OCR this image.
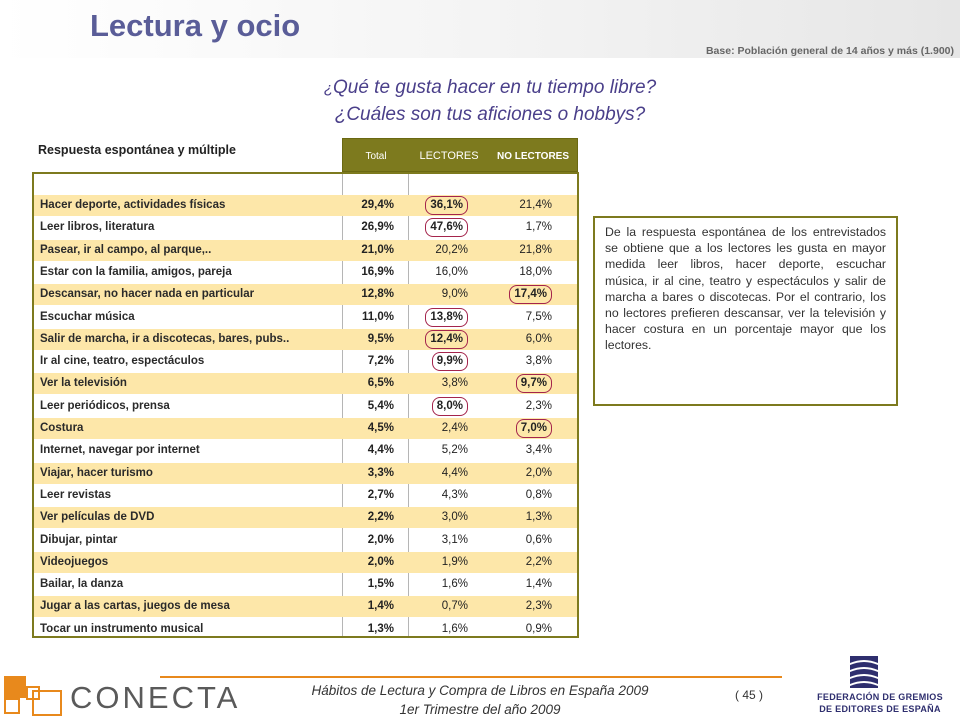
Lectura y ocio
Base: Población general de 14 años y más (1.900)
¿Qué te gusta hacer en tu tiempo libre?
¿Cuáles son tus aficiones o hobbys?
Respuesta espontánea y múltiple	Total	LECTORES	NO LECTORES
Hacer deporte, actividades físicas	29,4%	36,1%	21,4%
Leer libros, literatura	26,9%	47,6%	1,7%
Pasear, ir al campo, al parque,..	21,0%	20,2%	21,8%
Estar con la familia, amigos, pareja	16,9%	16,0%	18,0%
Descansar, no hacer nada en particular	12,8%	9,0%	17,4%
Escuchar música	11,0%	13,8%	7,5%
Salir de marcha, ir a discotecas, bares, pubs..	9,5%	12,4%	6,0%
Ir al cine, teatro, espectáculos	7,2%	9,9%	3,8%
Ver la televisión	6,5%	3,8%	9,7%
Leer periódicos, prensa	5,4%	8,0%	2,3%
Costura	4,5%	2,4%	7,0%
Internet, navegar por internet	4,4%	5,2%	3,4%
Viajar, hacer turismo	3,3%	4,4%	2,0%
Leer revistas	2,7%	4,3%	0,8%
Ver películas de DVD	2,2%	3,0%	1,3%
Dibujar, pintar	2,0%	3,1%	0,6%
Videojuegos	2,0%	1,9%	2,2%
Bailar, la danza	1,5%	1,6%	1,4%
Jugar a las cartas, juegos de mesa	1,4%	0,7%	2,3%
Tocar un instrumento musical	1,3%	1,6%	0,9%
De la respuesta espontánea de los entrevistados se obtiene que a los lectores les gusta en mayor medida leer libros, hacer deporte, escuchar música, ir al cine, teatro y espectáculos y salir de marcha a bares o discotecas. Por el contrario, los no lectores prefieren descansar, ver la televisión y hacer costura en un porcentaje mayor que los lectores.
CONECTA	Hábitos de Lectura y Compra de Libros en España 2009
1er Trimestre del año 2009
( 45 )	FEDERACIÓN DE GREMIOS
DE EDITORES DE ESPAÑA
